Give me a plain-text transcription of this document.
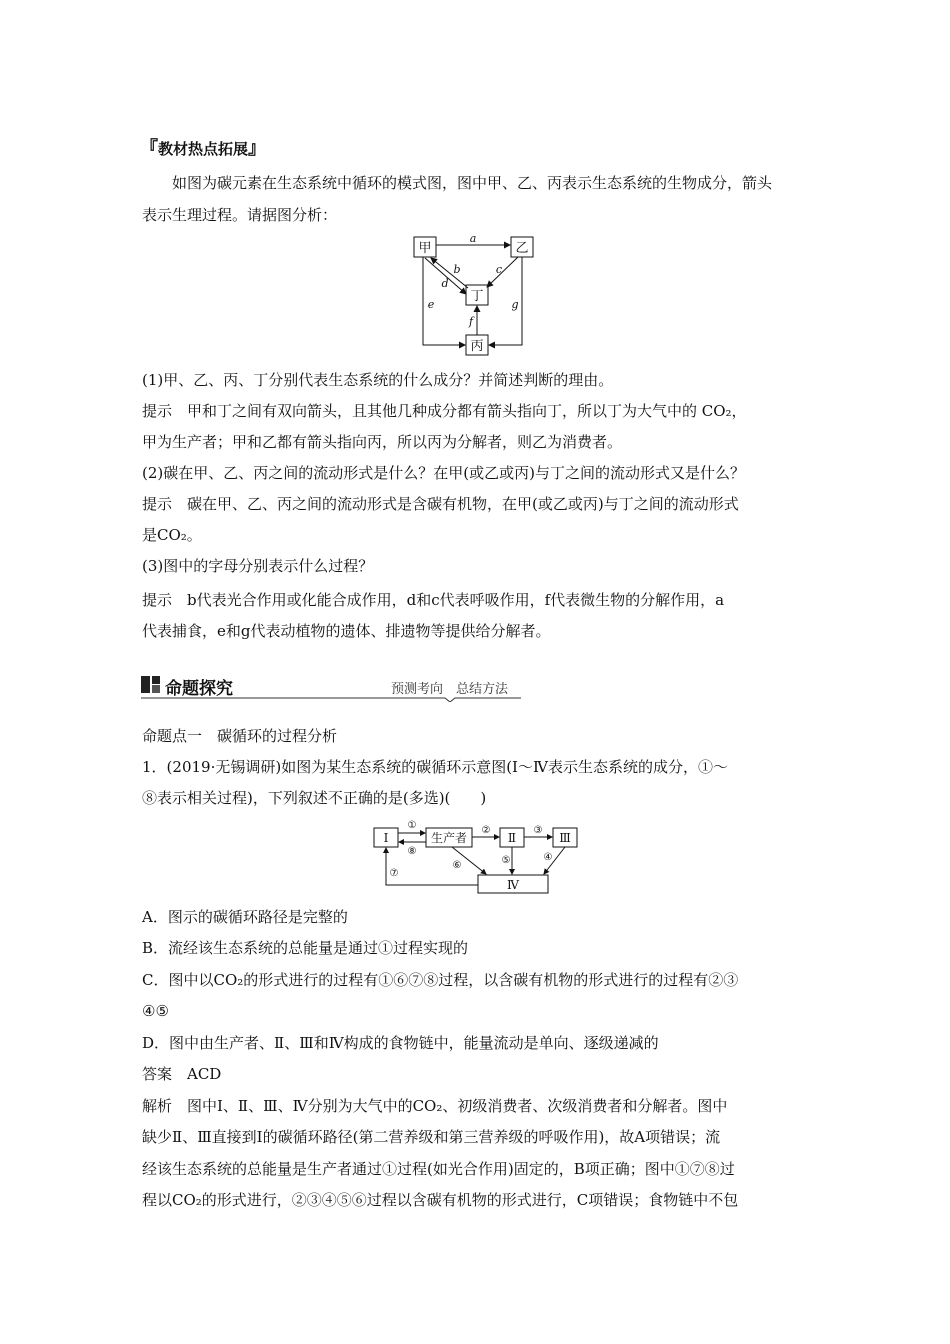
『教材热点拓展』

如图为碳元素在生态系统中循环的模式图，图中甲、乙、丙表示生态系统的生物成分，箭头

表示生理过程。请据图分析：

甲	乙
丁
丙
a
b	c
d
e
f
g

(1)甲、乙、丙、丁分别代表生态系统的什么成分？并简述判断的理由。

提示　甲和丁之间有双向箭头，且其他几种成分都有箭头指向丁，所以丁为大气中的 CO₂，

甲为生产者；甲和乙都有箭头指向丙，所以丙为分解者，则乙为消费者。

(2)碳在甲、乙、丙之间的流动形式是什么？在甲(或乙或丙)与丁之间的流动形式又是什么？

提示　碳在甲、乙、丙之间的流动形式是含碳有机物，在甲(或乙或丙)与丁之间的流动形式

是CO₂。

(3)图中的字母分别表示什么过程？

提示　b代表光合作用或化能合成作用，d和c代表呼吸作用，f代表微生物的分解作用，a

代表捕食，e和g代表动植物的遗体、排遗物等提供给分解者。

命题探究	预测考向　总结方法

命题点一　碳循环的过程分析

1．(2019·无锡调研)如图为某生态系统的碳循环示意图(Ⅰ～Ⅳ表示生态系统的成分，①～

⑧表示相关过程)，下列叙述不正确的是(多选)(　　)

Ⅰ	生产者	Ⅱ	Ⅲ
Ⅳ
①	②	③
④
⑤
⑥
⑦
⑧

A．图示的碳循环路径是完整的

B．流经该生态系统的总能量是通过①过程实现的

C．图中以CO₂的形式进行的过程有①⑥⑦⑧过程，以含碳有机物的形式进行的过程有②③

④⑤

D．图中由生产者、Ⅱ、Ⅲ和Ⅳ构成的食物链中，能量流动是单向、逐级递减的

答案　ACD

解析　图中Ⅰ、Ⅱ、Ⅲ、Ⅳ分别为大气中的CO₂、初级消费者、次级消费者和分解者。图中

缺少Ⅱ、Ⅲ直接到Ⅰ的碳循环路径(第二营养级和第三营养级的呼吸作用)，故A项错误；流

经该生态系统的总能量是生产者通过①过程(如光合作用)固定的，B项正确；图中①⑦⑧过

程以CO₂的形式进行，②③④⑤⑥过程以含碳有机物的形式进行，C项错误；食物链中不包
